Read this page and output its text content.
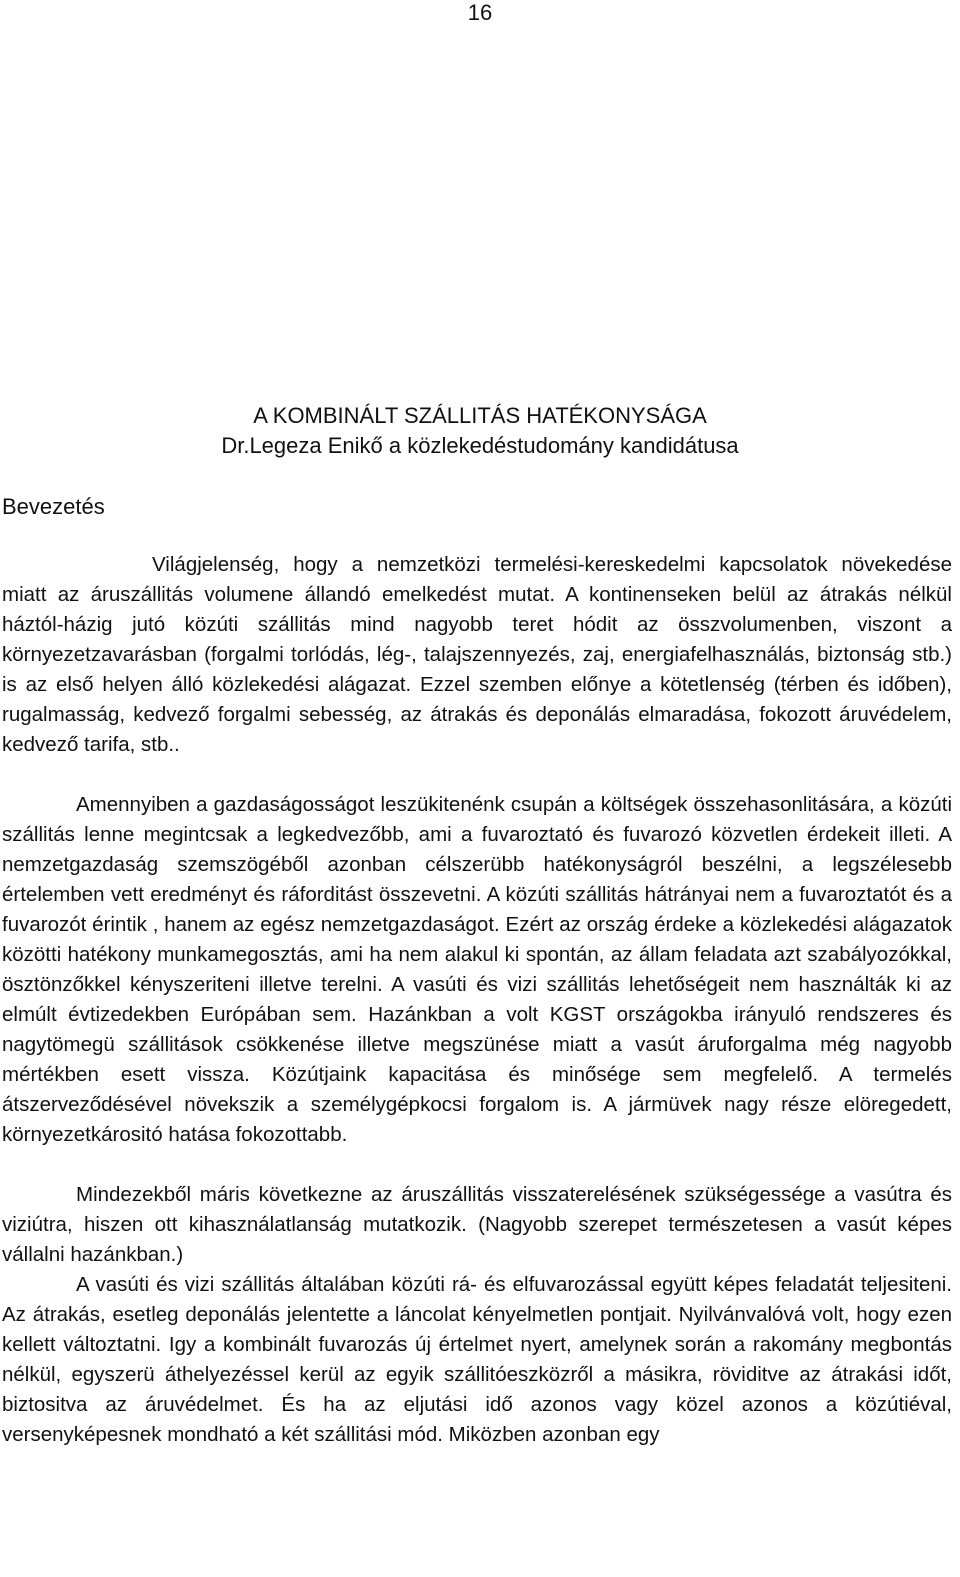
16
A KOMBINÁLT SZÁLLITÁS HATÉKONYSÁGA
Dr.Legeza Enikő a közlekedéstudomány kandidátusa
Bevezetés

Világjelenség, hogy a nemzetközi termelési-kereskedelmi kapcsolatok növekedése miatt az áruszállitás volumene állandó emelkedést mutat. A kontinenseken belül az átrakás nélkül háztól-házig jutó közúti szállitás mind nagyobb teret hódit az összvolumenben, viszont a környezetzavarásban (forgalmi torlódás, lég-, talajszennyezés, zaj, energiafelhasználás, biztonság stb.) is az első helyen álló közlekedési alágazat. Ezzel szemben előnye a kötetlenség (térben és időben), rugalmasság, kedvező forgalmi sebesség, az átrakás és deponálás elmaradása, fokozott áruvédelem, kedvező tarifa, stb..

Amennyiben a gazdaságosságot leszükitenénk csupán a költségek összehasonlitására, a közúti szállitás lenne megintcsak a legkedvezőbb, ami a fuvaroztató és fuvarozó közvetlen érdekeit illeti. A nemzetgazdaság szemszögéből azonban célszerübb hatékonyságról beszélni, a legszélesebb értelemben vett eredményt és ráforditást összevetni. A közúti szállitás hátrányai nem a fuvaroztatót és a fuvarozót érintik , hanem az egész nemzetgazdaságot. Ezért az ország érdeke a közlekedési alágazatok közötti hatékony munkamegosztás, ami ha nem alakul ki spontán, az állam feladata azt szabályozókkal, ösztönzőkkel kényszeriteni illetve terelni. A vasúti és vizi szállitás lehetőségeit nem használták ki az elmúlt évtizedekben Európában sem. Hazánkban a volt KGST országokba irányuló rendszeres és nagytömegü szállitások csökkenése illetve megszünése miatt a vasút áruforgalma még nagyobb mértékben esett vissza. Közútjaink kapacitása és minősége sem megfelelő. A termelés átszerveződésével növekszik a személygépkocsi forgalom is. A jármüvek nagy része elöregedett, környezetkárositó hatása fokozottabb.

Mindezekből máris következne az áruszállitás visszaterelésének szükségessége a vasútra és viziútra, hiszen ott kihasználatlanság mutatkozik. (Nagyobb szerepet természetesen a vasút képes vállalni hazánkban.)

A vasúti és vizi szállitás általában közúti rá- és elfuvarozással együtt képes feladatát teljesiteni. Az átrakás, esetleg deponálás jelentette a láncolat kényelmetlen pontjait. Nyilvánvalóvá volt, hogy ezen kellett változtatni. Igy a kombinált fuvarozás új értelmet nyert, amelynek során a rakomány megbontás nélkül, egyszerü áthelyezéssel kerül az egyik szállitóeszközről a másikra, röviditve az átrakási időt, biztositva az áruvédelmet. És ha az eljutási idő azonos vagy közel azonos a közútiéval, versenyképesnek mondható a két szállitási mód. Miközben azonban egy
